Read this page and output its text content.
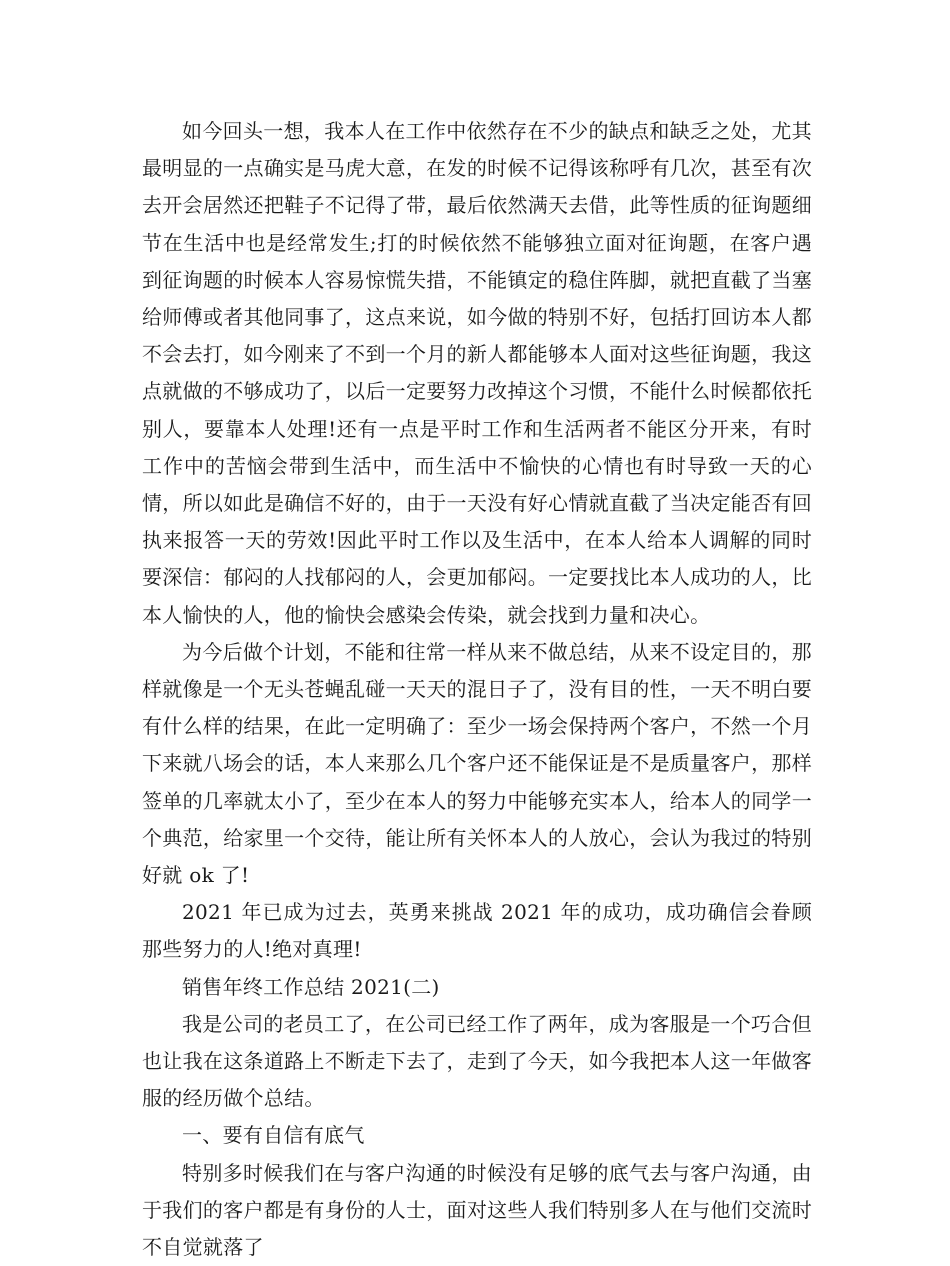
如今回头一想，我本人在工作中依然存在不少的缺点和缺乏之处，尤其最明显的一点确实是马虎大意，在发的时候不记得该称呼有几次，甚至有次去开会居然还把鞋子不记得了带，最后依然满天去借，此等性质的征询题细节在生活中也是经常发生;打的时候依然不能够独立面对征询题，在客户遇到征询题的时候本人容易惊慌失措，不能镇定的稳住阵脚，就把直截了当塞给师傅或者其他同事了，这点来说，如今做的特别不好，包括打回访本人都不会去打，如今刚来了不到一个月的新人都能够本人面对这些征询题，我这点就做的不够成功了，以后一定要努力改掉这个习惯，不能什么时候都依托别人，要靠本人处理!还有一点是平时工作和生活两者不能区分开来，有时工作中的苦恼会带到生活中，而生活中不愉快的心情也有时导致一天的心情，所以如此是确信不好的，由于一天没有好心情就直截了当决定能否有回执来报答一天的劳效!因此平时工作以及生活中，在本人给本人调解的同时要深信：郁闷的人找郁闷的人，会更加郁闷。一定要找比本人成功的人，比本人愉快的人，他的愉快会感染会传染，就会找到力量和决心。

为今后做个计划，不能和往常一样从来不做总结，从来不设定目的，那样就像是一个无头苍蝇乱碰一天天的混日子了，没有目的性，一天不明白要有什么样的结果，在此一定明确了：至少一场会保持两个客户，不然一个月下来就八场会的话，本人来那么几个客户还不能保证是不是质量客户，那样签单的几率就太小了，至少在本人的努力中能够充实本人，给本人的同学一个典范，给家里一个交待，能让所有关怀本人的人放心，会认为我过的特别好就 ok 了!

2021 年已成为过去，英勇来挑战 2021 年的成功，成功确信会眷顾那些努力的人!绝对真理!

销售年终工作总结 2021(二)

我是公司的老员工了，在公司已经工作了两年，成为客服是一个巧合但也让我在这条道路上不断走下去了，走到了今天，如今我把本人这一年做客服的经历做个总结。

一、要有自信有底气

特别多时候我们在与客户沟通的时候没有足够的底气去与客户沟通，由于我们的客户都是有身份的人士，面对这些人我们特别多人在与他们交流时不自觉就落了
